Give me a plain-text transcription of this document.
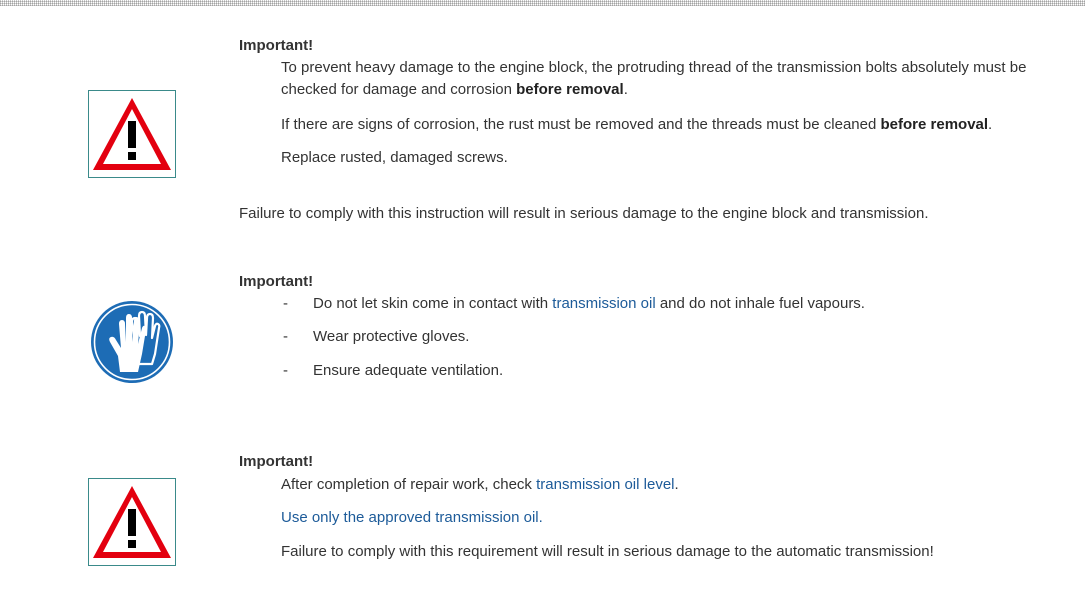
Important!
To prevent heavy damage to the engine block, the protruding thread of the transmission bolts absolutely must be checked for damage and corrosion before removal.
If there are signs of corrosion, the rust must be removed and the threads must be cleaned before removal.
Replace rusted, damaged screws.
Failure to comply with this instruction will result in serious damage to the engine block and transmission.
Important!
- Do not let skin come in contact with transmission oil and do not inhale fuel vapours.
- Wear protective gloves.
- Ensure adequate ventilation.
Important!
After completion of repair work, check transmission oil level.
Use only the approved transmission oil.
Failure to comply with this requirement will result in serious damage to the automatic transmission!
